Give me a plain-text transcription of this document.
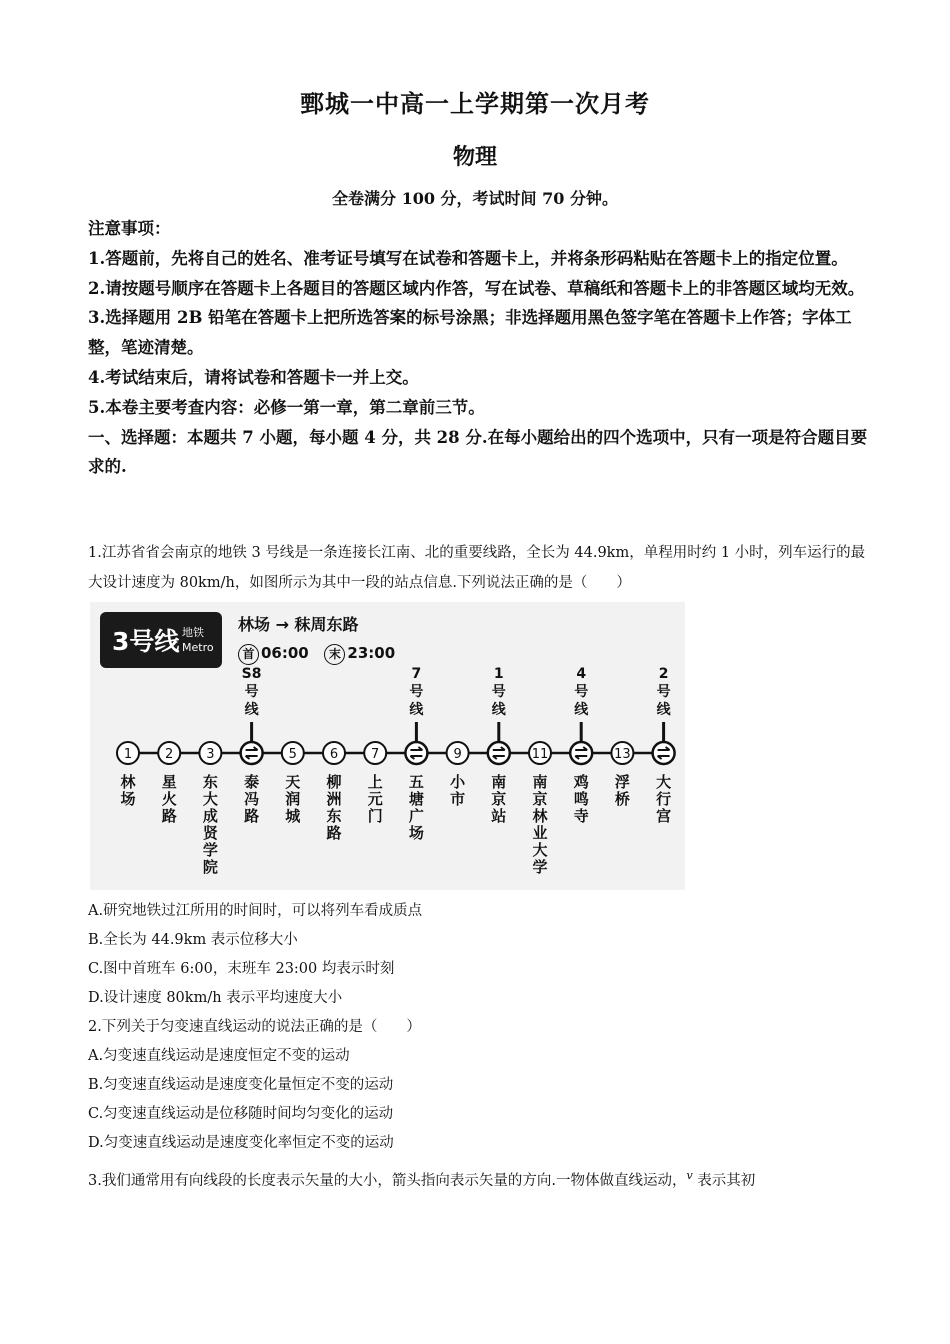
鄄城一中高一上学期第一次月考
物理
全卷满分 100 分，考试时间 70 分钟。

注意事项：

1.答题前，先将自己的姓名、准考证号填写在试卷和答题卡上，并将条形码粘贴在答题卡上的指定位置。

2.请按题号顺序在答题卡上各题目的答题区域内作答，写在试卷、草稿纸和答题卡上的非答题区域均无效。

3.选择题用 2B 铅笔在答题卡上把所选答案的标号涂黑；非选择题用黑色签字笔在答题卡上作答；字体工整，笔迹清楚。

4.考试结束后，请将试卷和答题卡一并上交。

5.本卷主要考查内容：必修一第一章，第二章前三节。

一、选择题：本题共 7 小题，每小题 4 分，共 28 分.在每小题给出的四个选项中，只有一项是符合题目要求的.

1.江苏省省会南京的地铁 3 号线是一条连接长江南、北的重要线路，全长为 44.9km，单程用时约 1 小时，列车运行的最大设计速度为 80km/h，如图所示为其中一段的站点信息.下列说法正确的是（　　）

3号线 地铁
Metro
林场 → 秣周东路
首 06:00 末 23:00
1
林
场
2
星
火
路
3
东
大
成
贤
学
院
S8
号
线
泰
冯
路
5
天
润
城
6
柳
洲
东
路
7
上
元
门
7
号
线
五
塘
广
场
9
小
市
1
号
线
南
京
站
11
南
京
林
业
大
学
4
号
线
鸡
鸣
寺
13
浮
桥
2
号
线
大
行
宫

A.研究地铁过江所用的时间时，可以将列车看成质点

B.全长为 44.9km 表示位移大小

C.图中首班车 6:00，末班车 23:00 均表示时刻

D.设计速度 80km/h 表示平均速度大小

2.下列关于匀变速直线运动的说法正确的是（　　）

A.匀变速直线运动是速度恒定不变的运动

B.匀变速直线运动是速度变化量恒定不变的运动

C.匀变速直线运动是位移随时间均匀变化的运动

D.匀变速直线运动是速度变化率恒定不变的运动

3.我们通常用有向线段的长度表示矢量的大小，箭头指向表示矢量的方向.一物体做直线运动，$^v$ 表示其初
